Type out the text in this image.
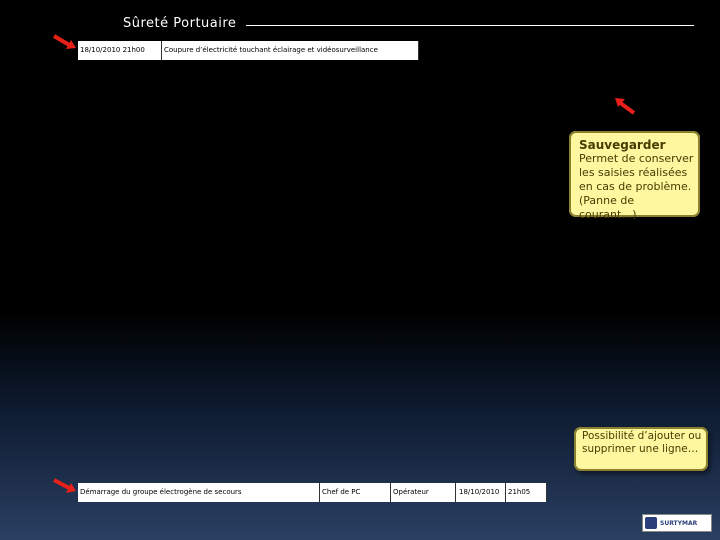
Sûreté Portuaire
18/10/2010 21h00	Coupure d’électricité touchant éclairage et vidéosurveillance
Sauvegarder
Permet de conserver les saisies réalisées en cas de problème. (Panne de courant…)
Possibilité d’ajouter ou supprimer une ligne…
Démarrage du groupe électrogène de secours	Chef de PC	Opérateur	18/10/2010	21h05
SURTYMAR
